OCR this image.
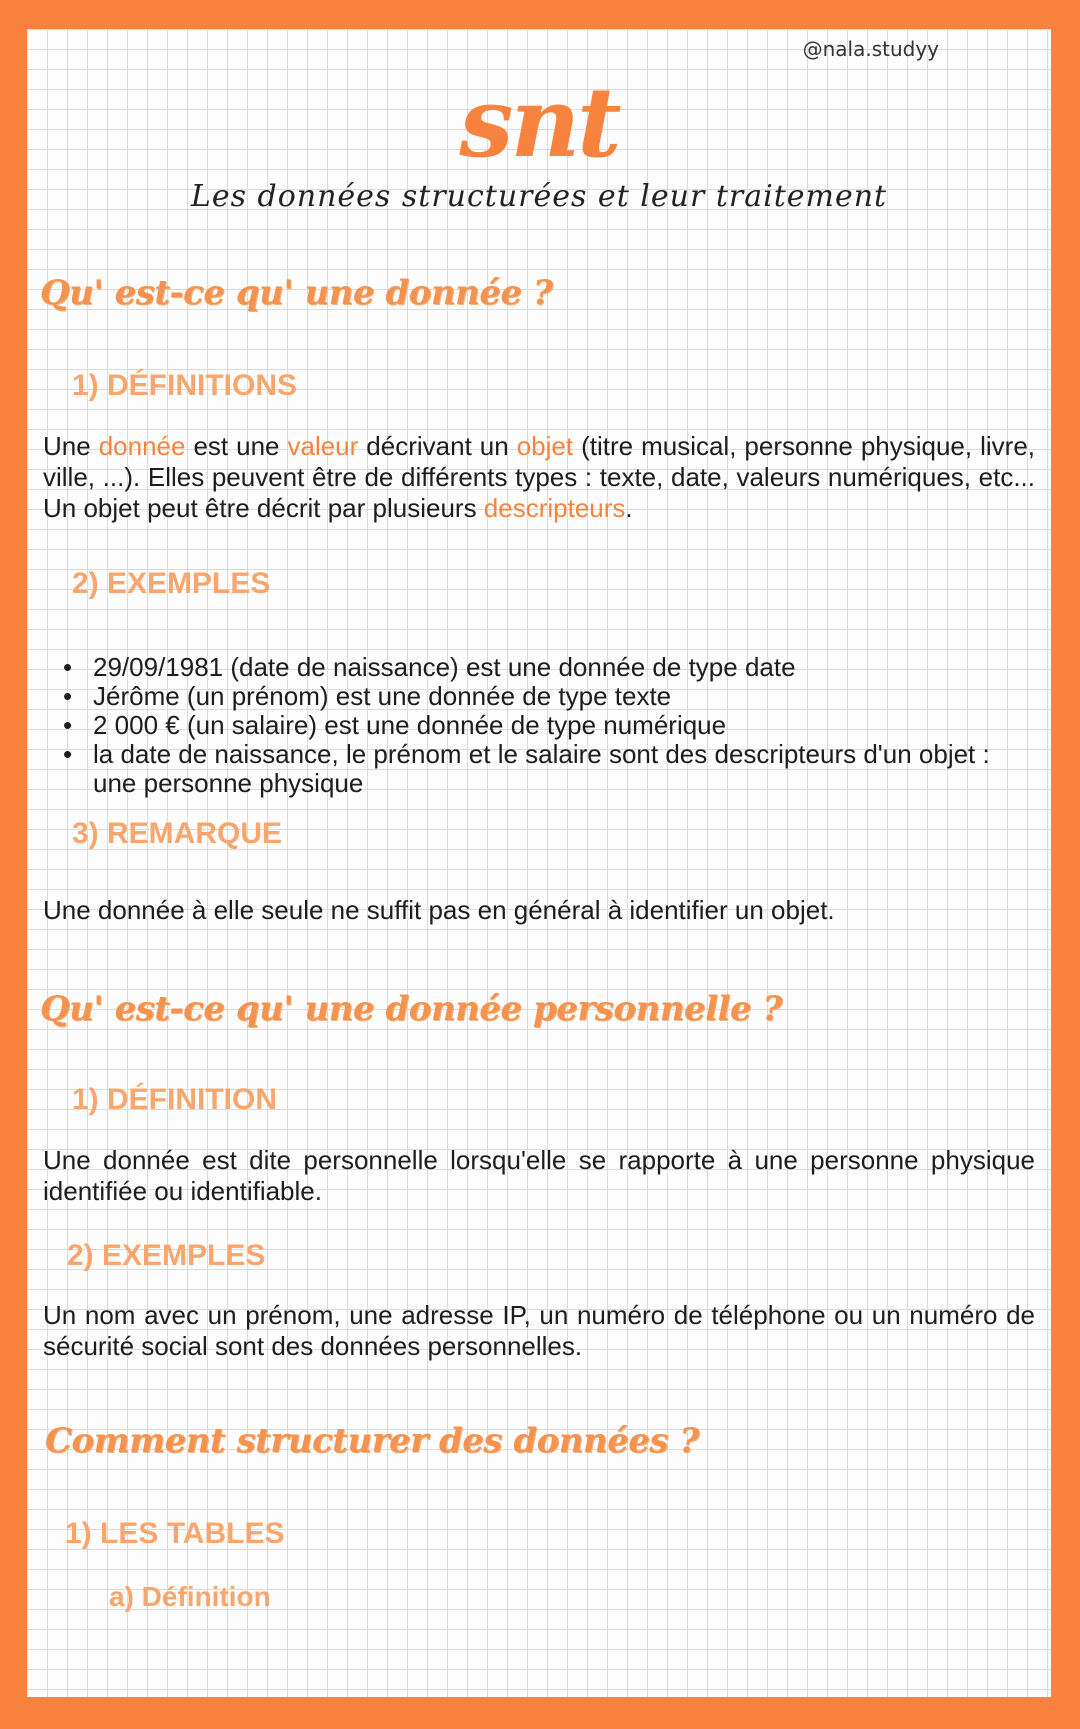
@nala.studyy
snt
Les données structurées et leur traitement
Qu' est-ce qu' une donnée ?
1) DÉFINITIONS
Une donnée est une valeur décrivant un objet (titre musical, personne physique, livre, ville, ...). Elles peuvent être de différents types : texte, date, valeurs numériques, etc... Un objet peut être décrit par plusieurs descripteurs.
2) EXEMPLES
• 29/09/1981 (date de naissance) est une donnée de type date
• Jérôme (un prénom) est une donnée de type texte
• 2 000 € (un salaire) est une donnée de type numérique
• la date de naissance, le prénom et le salaire sont des descripteurs d'un objet : une personne physique
3) REMARQUE
Une donnée à elle seule ne suffit pas en général à identifier un objet.
Qu' est-ce qu' une donnée personnelle ?
1) DÉFINITION
Une donnée est dite personnelle lorsqu'elle se rapporte à une personne physique identifiée ou identifiable.
2) EXEMPLES
Un nom avec un prénom, une adresse IP, un numéro de téléphone ou un numéro de sécurité social sont des données personnelles.
Comment structurer des données ?
1) LES TABLES
a) Définition
